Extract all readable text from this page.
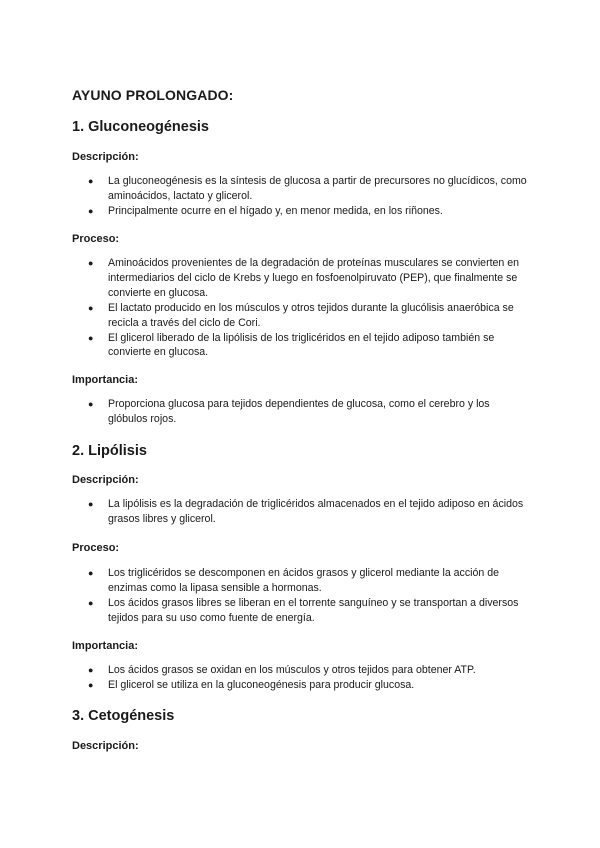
AYUNO PROLONGADO:
1. Gluconeogénesis
Descripción:
● La gluconeogénesis es la síntesis de glucosa a partir de precursores no glucídicos, como aminoácidos, lactato y glicerol.
● Principalmente ocurre en el hígado y, en menor medida, en los riñones.
Proceso:
● Aminoácidos provenientes de la degradación de proteínas musculares se convierten en intermediarios del ciclo de Krebs y luego en fosfoenolpiruvato (PEP), que finalmente se convierte en glucosa.
● El lactato producido en los músculos y otros tejidos durante la glucólisis anaeróbica se recicla a través del ciclo de Cori.
● El glicerol liberado de la lipólisis de los triglicéridos en el tejido adiposo también se convierte en glucosa.
Importancia:
● Proporciona glucosa para tejidos dependientes de glucosa, como el cerebro y los glóbulos rojos.
2. Lipólisis
Descripción:
● La lipólisis es la degradación de triglicéridos almacenados en el tejido adiposo en ácidos grasos libres y glicerol.
Proceso:
● Los triglicéridos se descomponen en ácidos grasos y glicerol mediante la acción de enzimas como la lipasa sensible a hormonas.
● Los ácidos grasos libres se liberan en el torrente sanguíneo y se transportan a diversos tejidos para su uso como fuente de energía.
Importancia:
● Los ácidos grasos se oxidan en los músculos y otros tejidos para obtener ATP.
● El glicerol se utiliza en la gluconeogénesis para producir glucosa.
3. Cetogénesis
Descripción:
